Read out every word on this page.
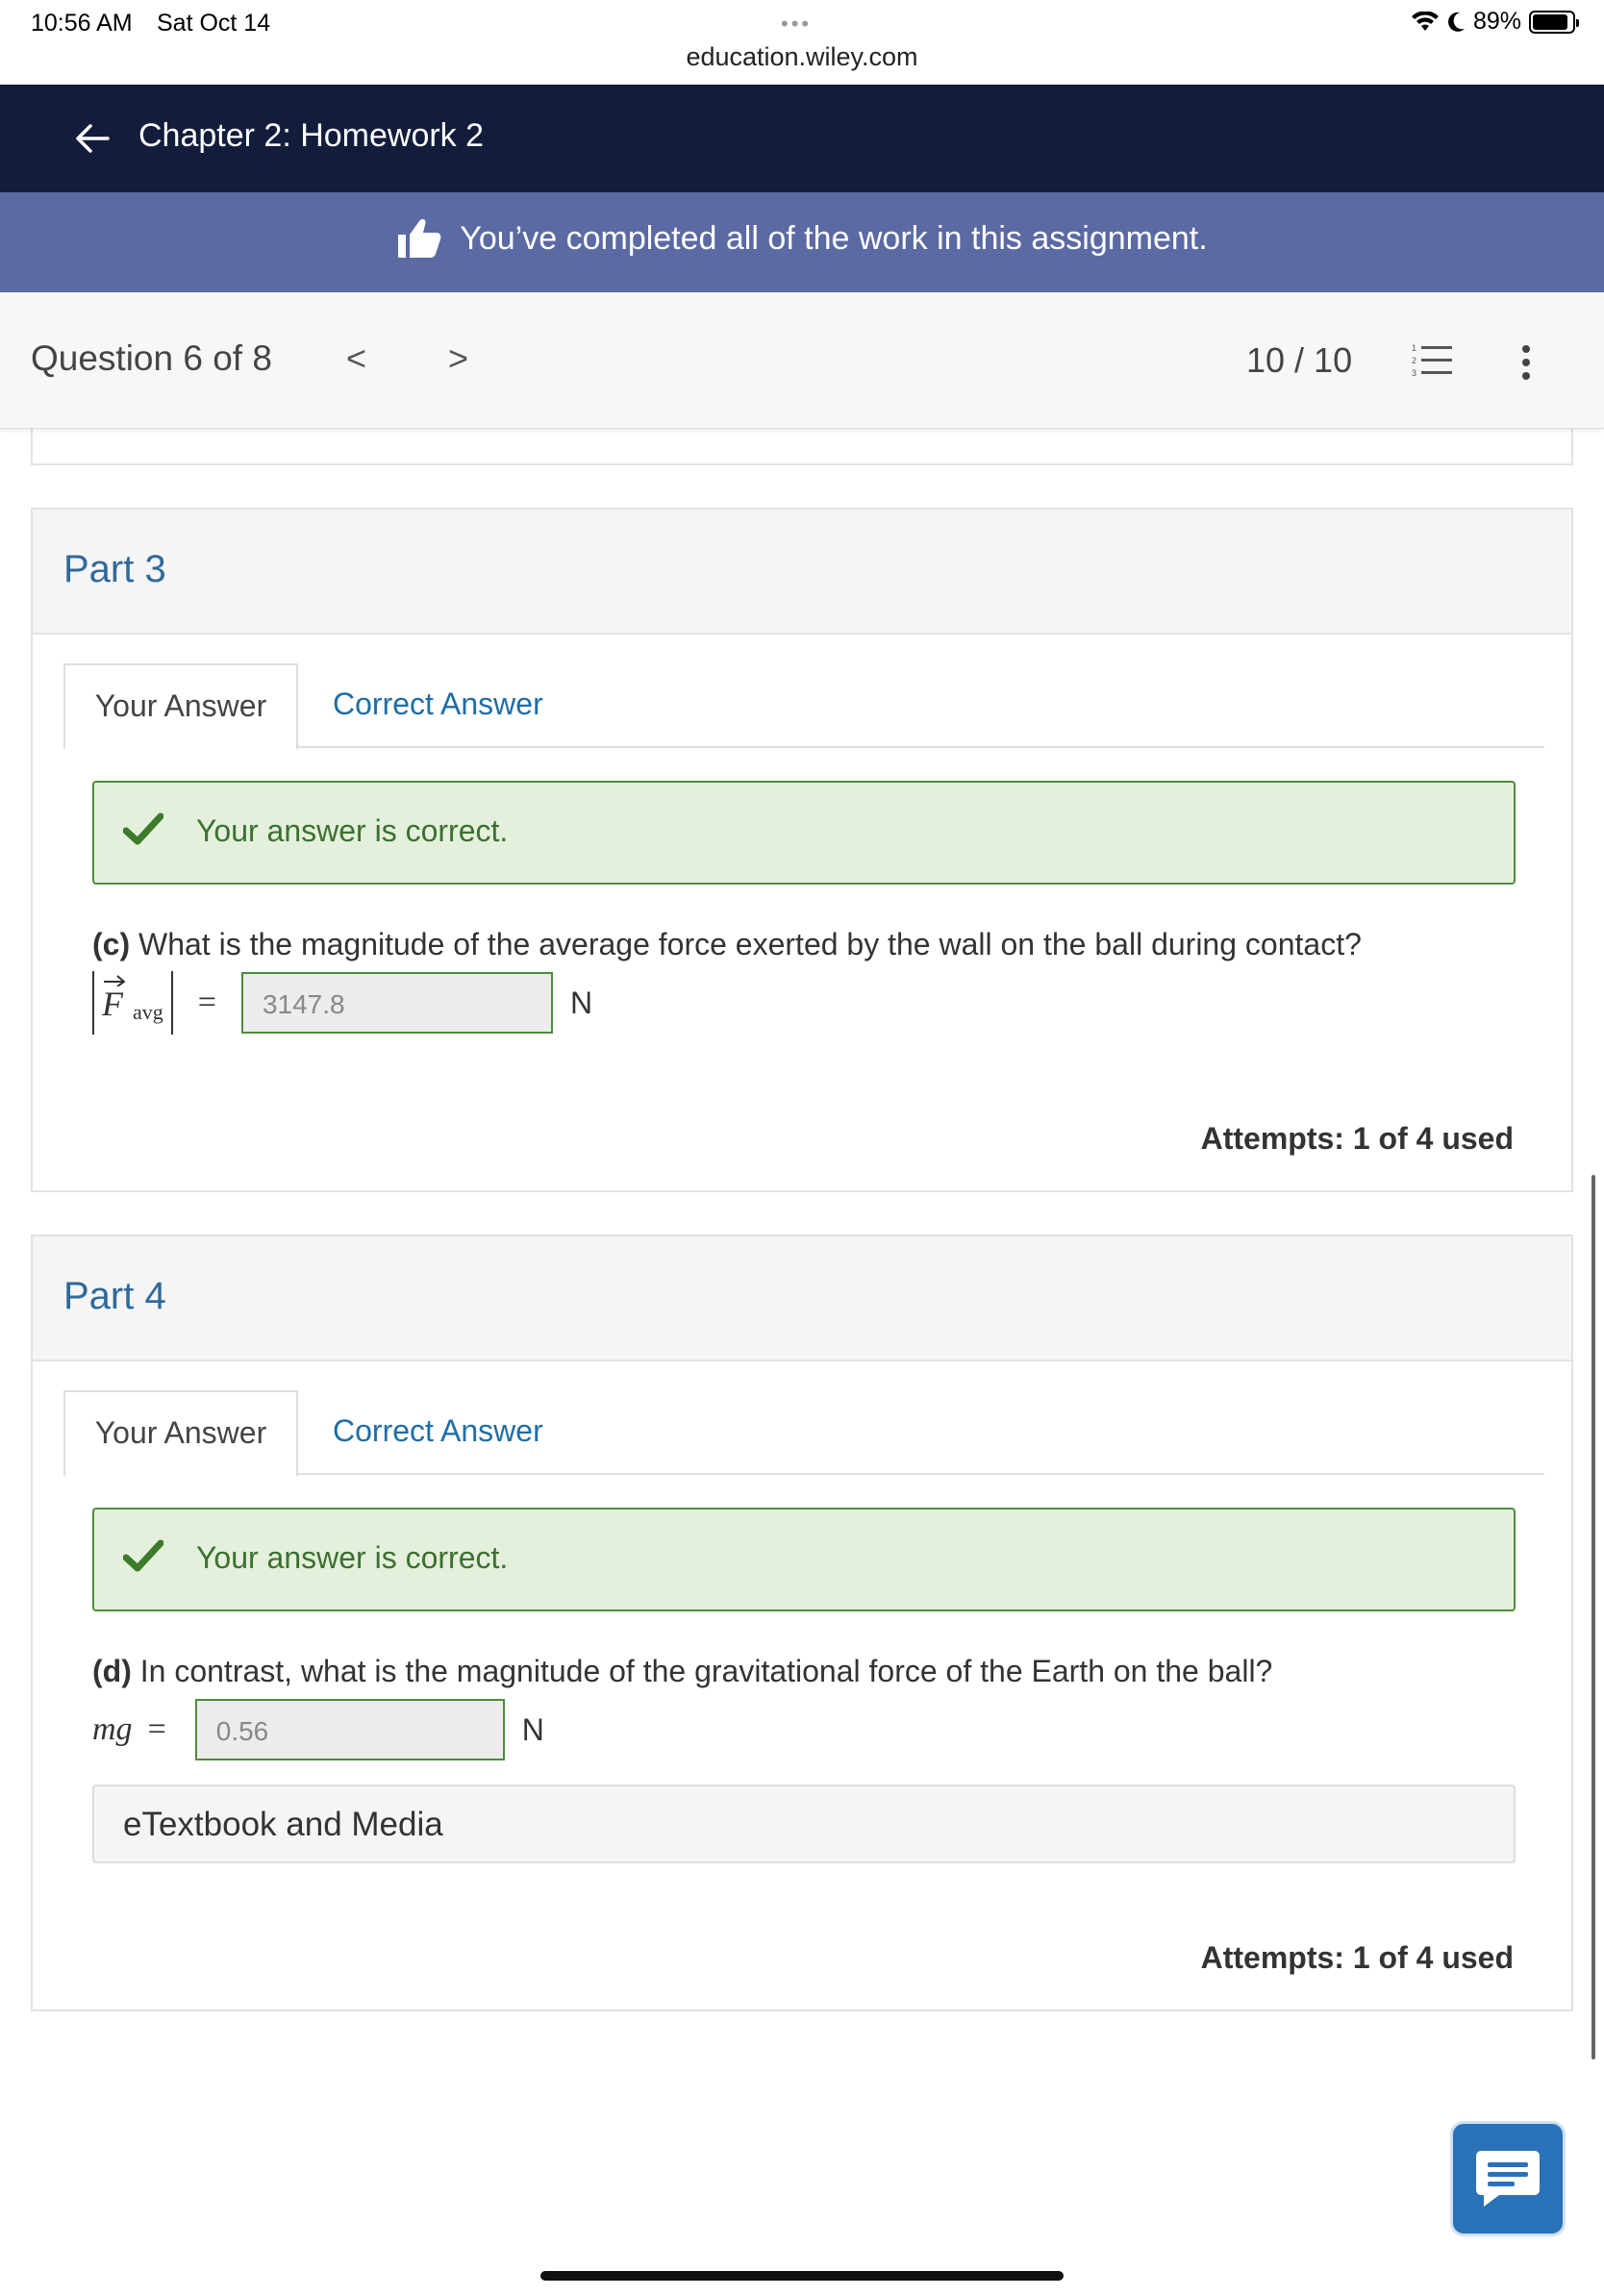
10:56 AM Sat Oct 14	•••
education.wiley.com
89%
Chapter 2: Homework 2
You’ve completed all of the work in this assignment.
Question 6 of 8 < >	10 / 10	1
2
3
Part 3
Your Answer	Correct Answer
Your answer is correct.
(c) What is the magnitude of the average force exerted by the wall on the ball during contact?
F avg =	3147.8	N
Attempts: 1 of 4 used
Part 4
Your Answer	Correct Answer
Your answer is correct.
(d) In contrast, what is the magnitude of the gravitational force of the Earth on the ball?
mg =	0.56	N
eTextbook and Media
Attempts: 1 of 4 used
